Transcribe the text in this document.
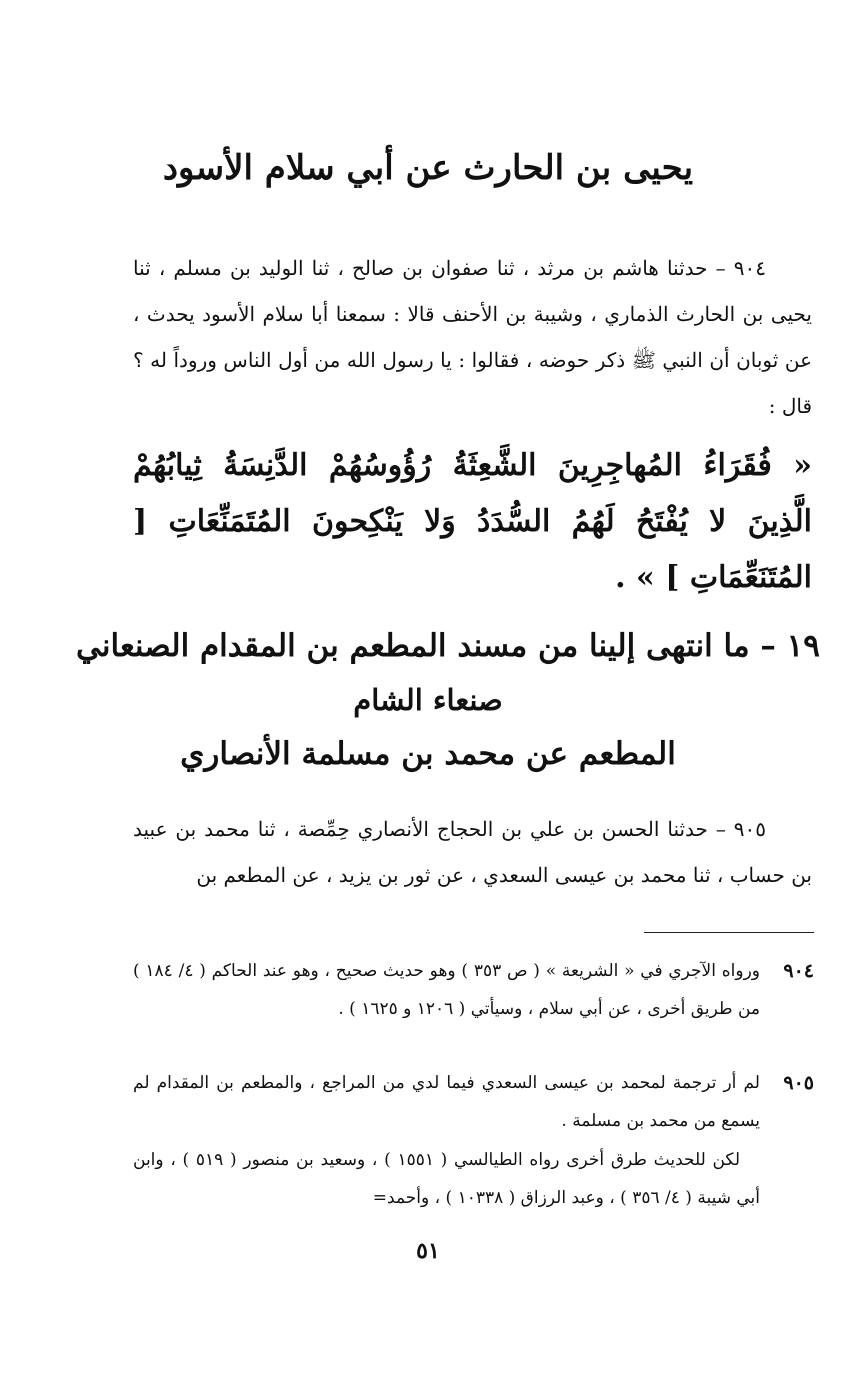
يحيى بن الحارث عن أبي سلام الأسود

٩٠٤ – حدثنا هاشم بن مرثد ، ثنا صفوان بن صالح ، ثنا الوليد بن مسلم ، ثنا يحيى بن الحارث الذماري ، وشيبة بن الأحنف قالا : سمعنا أبا سلام الأسود يحدث ، عن ثوبان أن النبي ﷺ ذكر حوضه ، فقالوا : يا رسول الله من أول الناس وروداً له ؟ قال :

« فُقَرَاءُ المُهاجِرِينَ الشَّعِثَةُ رُؤُوسُهُمْ الدَّنِسَةُ ثِيابُهُمْ الَّذِينَ لا يُفْتَحُ لَهُمُ السُّدَدُ وَلا يَنْكِحونَ المُتَمَنِّعَاتِ [ المُتَنَعِّمَاتِ ] » .

١٩ – ما انتهى إلينا من مسند المطعم بن المقدام الصنعاني
صنعاء الشام
المطعم عن محمد بن مسلمة الأنصاري

٩٠٥ – حدثنا الحسن بن علي بن الحجاج الأنصاري حِمِّصة ، ثنا محمد بن عبيد بن حساب ، ثنا محمد بن عيسى السعدي ، عن ثور بن يزيد ، عن المطعم بن

٩٠٤
ورواه الآجري في « الشريعة » ( ص ٣٥٣ ) وهو حديث صحيح ، وهو عند الحاكم ( ٤/ ١٨٤ ) من طريق أخرى ، عن أبي سلام ، وسيأتي ( ١٢٠٦ و ١٦٢٥ ) .
٩٠٥
لم أر ترجمة لمحمد بن عيسى السعدي فيما لدي من المراجع ، والمطعم بن المقدام لم يسمع من محمد بن مسلمة .
لكن للحديث طرق أخرى رواه الطيالسي ( ١٥٥١ ) ، وسعيد بن منصور ( ٥١٩ ) ، وابن أبي شيبة ( ٤/ ٣٥٦ ) ، وعبد الرزاق ( ١٠٣٣٨ ) ، وأحمد=
٥١
